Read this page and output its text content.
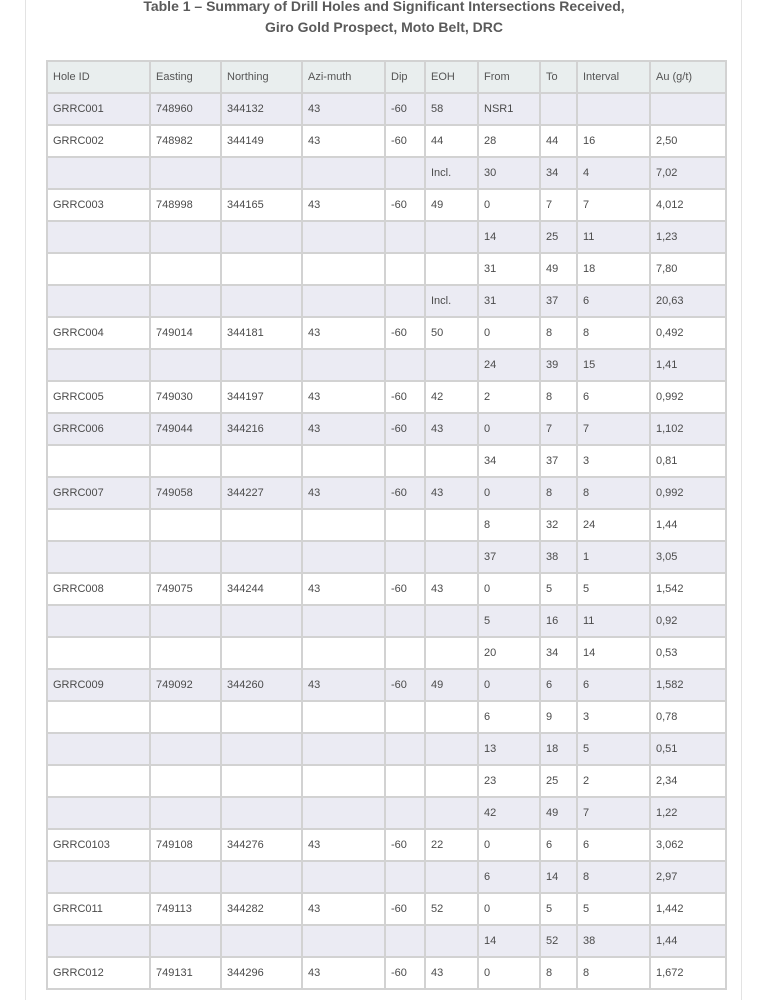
Table 1 – Summary of Drill Holes and Significant Intersections Received,
Giro Gold Prospect, Moto Belt, DRC
Hole ID	Easting	Northing	Azi-muth	Dip	EOH	From	To	Interval	Au (g/t)
GRRC001	748960	344132	43	-60	58	NSR1			
GRRC002	748982	344149	43	-60	44	28	44	16	2,50
					Incl.	30	34	4	7,02
GRRC003	748998	344165	43	-60	49	0	7	7	4,012
						14	25	11	1,23
						31	49	18	7,80
					Incl.	31	37	6	20,63
GRRC004	749014	344181	43	-60	50	0	8	8	0,492
						24	39	15	1,41
GRRC005	749030	344197	43	-60	42	2	8	6	0,992
GRRC006	749044	344216	43	-60	43	0	7	7	1,102
						34	37	3	0,81
GRRC007	749058	344227	43	-60	43	0	8	8	0,992
						8	32	24	1,44
						37	38	1	3,05
GRRC008	749075	344244	43	-60	43	0	5	5	1,542
						5	16	11	0,92
						20	34	14	0,53
GRRC009	749092	344260	43	-60	49	0	6	6	1,582
						6	9	3	0,78
						13	18	5	0,51
						23	25	2	2,34
						42	49	7	1,22
GRRC0103	749108	344276	43	-60	22	0	6	6	3,062
						6	14	8	2,97
GRRC011	749113	344282	43	-60	52	0	5	5	1,442
						14	52	38	1,44
GRRC012	749131	344296	43	-60	43	0	8	8	1,672
